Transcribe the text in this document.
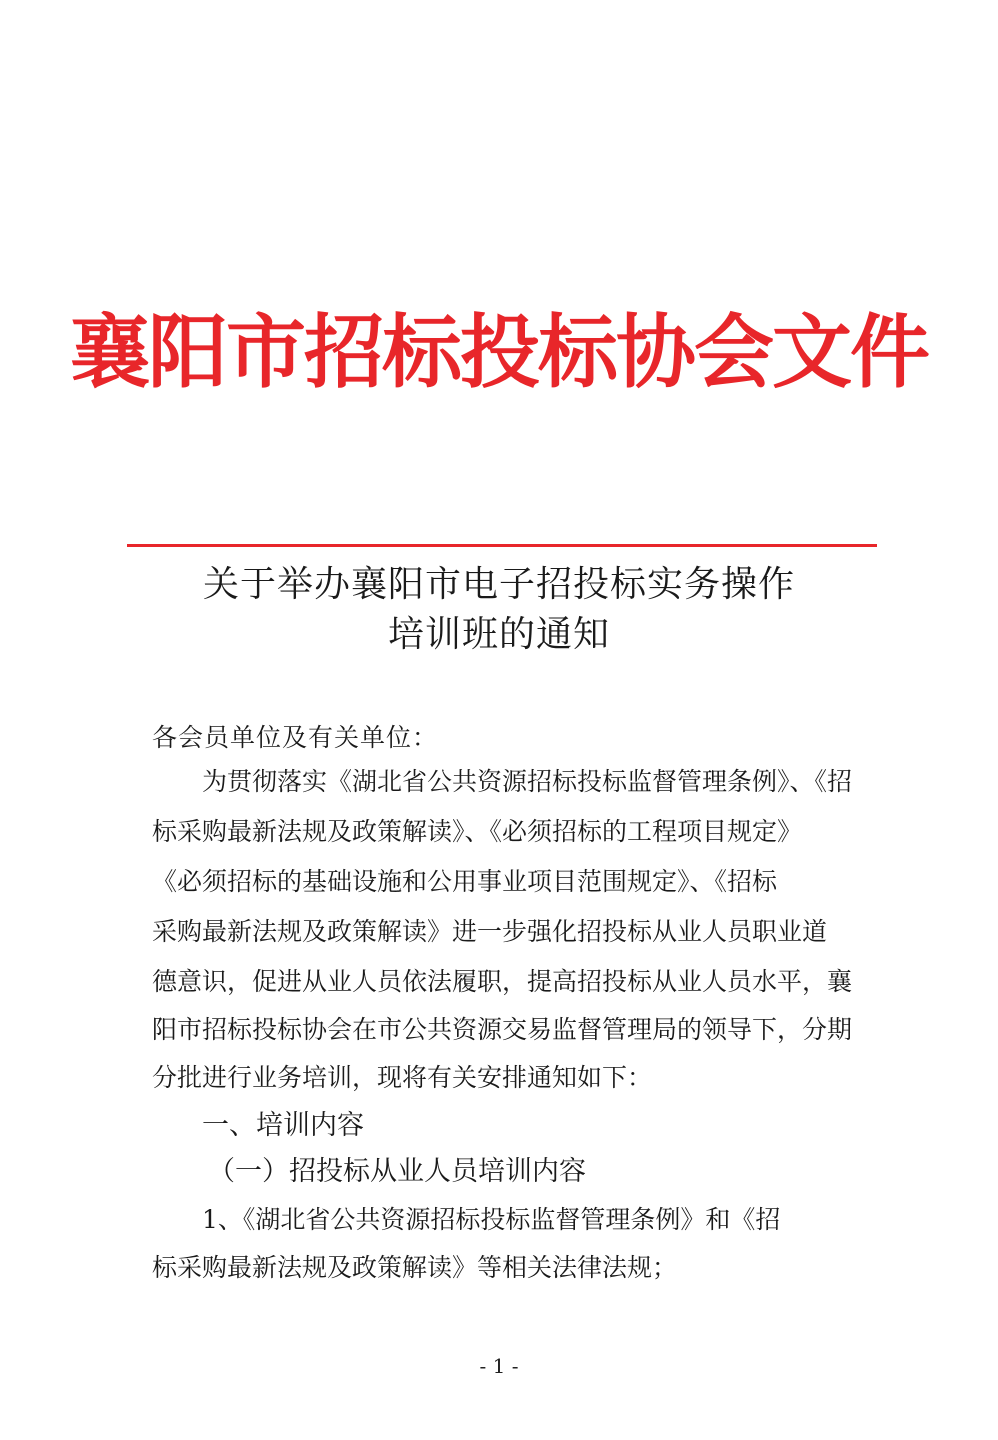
襄阳市招标投标协会文件
关于举办襄阳市电子招投标实务操作
培训班的通知
各会员单位及有关单位：
为贯彻落实《湖北省公共资源招标投标监督管理条例》、《招
标采购最新法规及政策解读》、《必须招标的工程项目规定》
《必须招标的基础设施和公用事业项目范围规定》、《招标
采购最新法规及政策解读》进一步强化招投标从业人员职业道
德意识，促进从业人员依法履职，提高招投标从业人员水平，襄
阳市招标投标协会在市公共资源交易监督管理局的领导下，分期
分批进行业务培训，现将有关安排通知如下：
一、培训内容
（一）招投标从业人员培训内容
1、《湖北省公共资源招标投标监督管理条例》和《招
标采购最新法规及政策解读》等相关法律法规；
- 1 -
